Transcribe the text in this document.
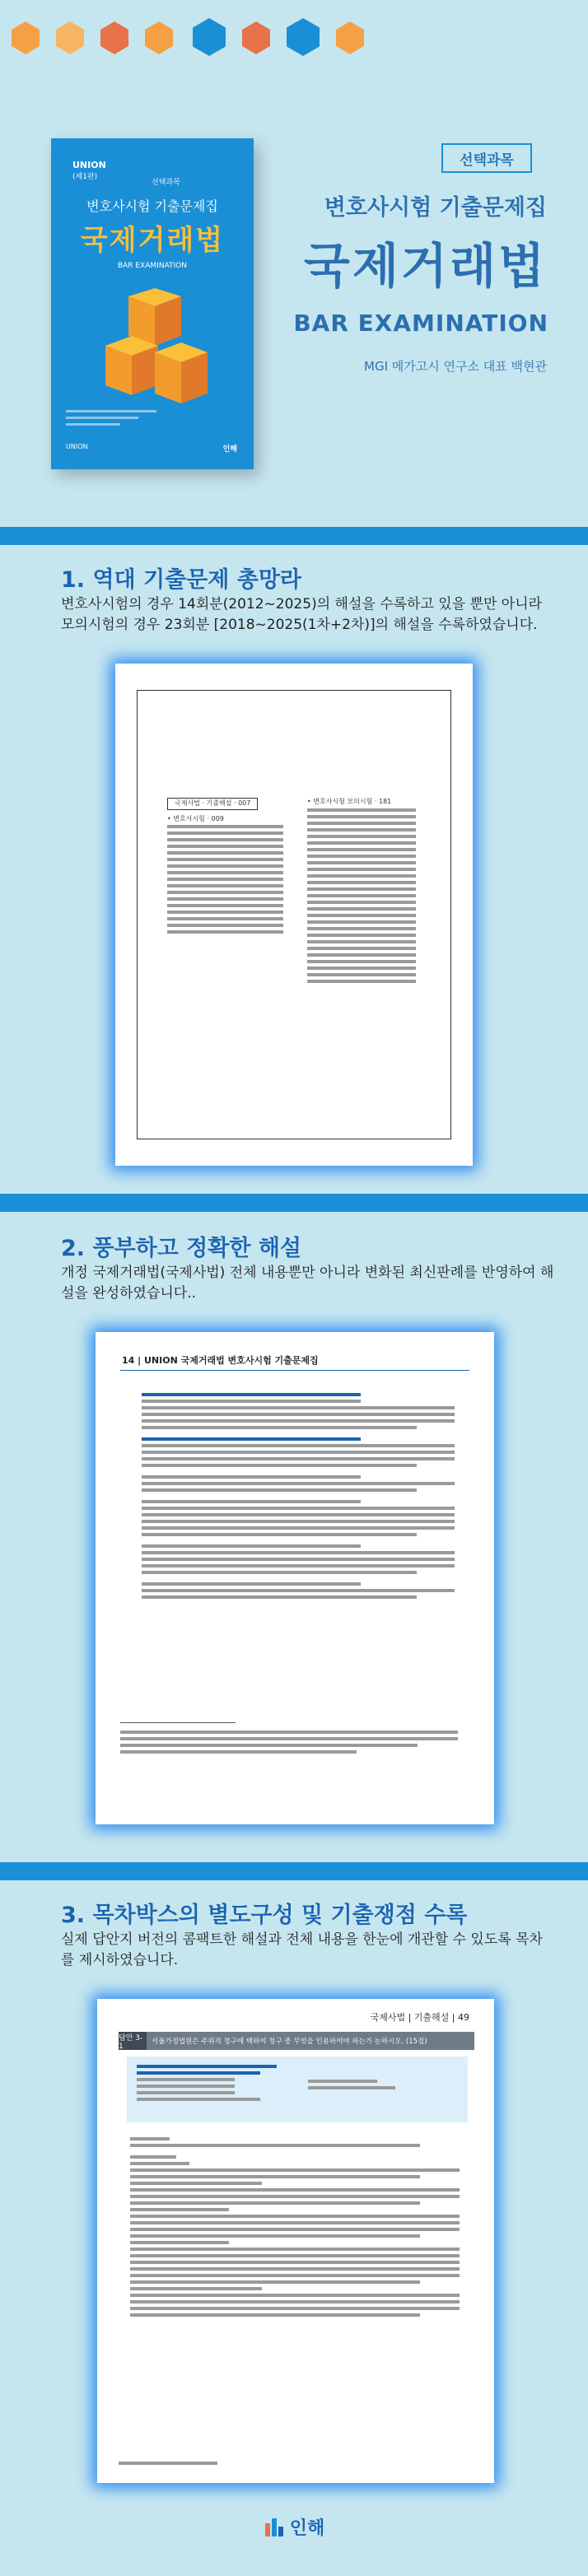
UNION
(제1판)
선택과목
변호사시험 기출문제집
국제거래법
BAR EXAMINATION
UNION	인해
선택과목
변호사시험 기출문제집
국제거래법
BAR EXAMINATION
MGI 메가고시 연구소 대표 백현관
1. 역대 기출문제 총망라
변호사시험의 경우 14회분(2012~2025)의 해설을 수록하고 있을 뿐만 아니라 모의시험의 경우 23회분 [2018~2025(1차+2차)]의 해설을 수록하였습니다.
국제사법 · 기출해설 · 007
• 변호사시험 · 009
• 변호사시험 모의시험 · 181
2. 풍부하고 정확한 해설
개정 국제거래법(국제사법) 전체 내용뿐만 아니라 변화된 최신판례를 반영하여 해설을 완성하였습니다..
14 | UNION 국제거래법 변호사시험 기출문제집
3. 목차박스의 별도구성 및 기출쟁점 수록
실제 답안지 버전의 콤팩트한 해설과 전체 내용을 한눈에 개관할 수 있도록 목차를 제시하였습니다.
국제사법 | 기출해설 | 49
답안 3-1
서울가정법원은 주위적 청구에 택하여 청구 중 무엇을 인용하여야 하는가 논하시오. (15점)
인해
